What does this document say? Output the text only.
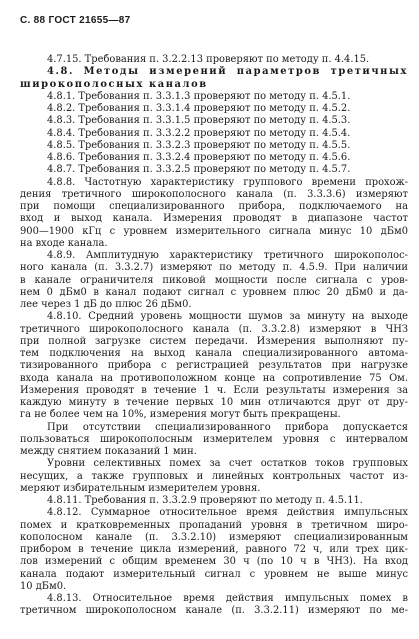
С. 88 ГОСТ 21655—87
4.7.15. Требования п. 3.2.2.13 проверяют по методу п. 4.4.15.
4.8. Методы измерений параметров третичных
широкополосных каналов
4.8.1. Требования п. 3.3.1.3 проверяют по методу п. 4.5.1.
4.8.2. Требования п. 3.3.1.4 проверяют по методу п. 4.5.2.
4.8.3. Требования п. 3.3.1.5 проверяют по методу п. 4.5.3.
4.8.4. Требования п. 3.3.2.2 проверяют по методу п. 4.5.4.
4.8.5. Требования п. 3.3.2.3 проверяют по методу п. 4.5.5.
4.8.6. Требования п. 3.3.2.4 проверяют по методу п. 4.5.6.
4.8.7. Требования п. 3.3.2.5 проверяют по методу п. 4.5.7.
4.8.8. Частотную характеристику группового времени прохож-
дения третичного широкополосного канала (п. 3.3.3.6) измеряют
при помощи специализированного прибора, подключаемого на
вход и выход канала. Измерения проводят в диапазоне частот
900—1900 кГц с уровнем измерительного сигнала минус 10 дБм0
на входе канала.
4.8.9. Амплитудную характеристику третичного широкополос-
ного канала (п. 3.3.2.7) измеряют по методу п. 4.5.9. При наличии
в канале ограничителя пиковой мощности после сигнала с уров-
нем 0 дБм0 в канал подают сигнал с уровнем плюс 20 дБм0 и да-
лее через 1 дБ до плюс 26 дБм0.
4.8.10. Средний уровень мощности шумов за минуту на выходе
третичного широкополосного канала (п. 3.3.2.8) измеряют в ЧНЗ
при полной загрузке систем передачи. Измерения выполняют пу-
тем подключения на выход канала специализированного автома-
тизированного прибора с регистрацией результатов при нагрузке
входа канала на противоположном конце на сопротивление 75 Ом.
Измерения проводят в течение 1 ч. Если результаты измерения за
каждую минуту в течение первых 10 мин отличаются друг от дру-
га не более чем на 10%, измерения могут быть прекращены.
При отсутствии специализированного прибора допускается
пользоваться широкополосным измерителем уровня с интервалом
между снятием показаний 1 мин.
Уровни селективных помех за счет остатков токов групповых
несущих, а также групповых и линейных контрольных частот из-
меряют избирательным измерителем уровня.
4.8.11. Требования п. 3.3.2.9 проверяют по методу п. 4.5.11.
4.8.12. Суммарное относительное время действия импульсных
помех и кратковременных пропаданий уровня в третичном широ-
кополосном канале (п. 3.3.2.10) измеряют специализированным
прибором в течение цикла измерений, равного 72 ч, или трех цик-
лов измерений с общим временем 30 ч (по 10 ч в ЧНЗ). На вход
канала подают измерительный сигнал с уровнем не выше минус
10 дБм0.
4.8.13. Относительное время действия импульсных помех в
третичном широкополосном канале (п. 3.3.2.11) измеряют по ме-
